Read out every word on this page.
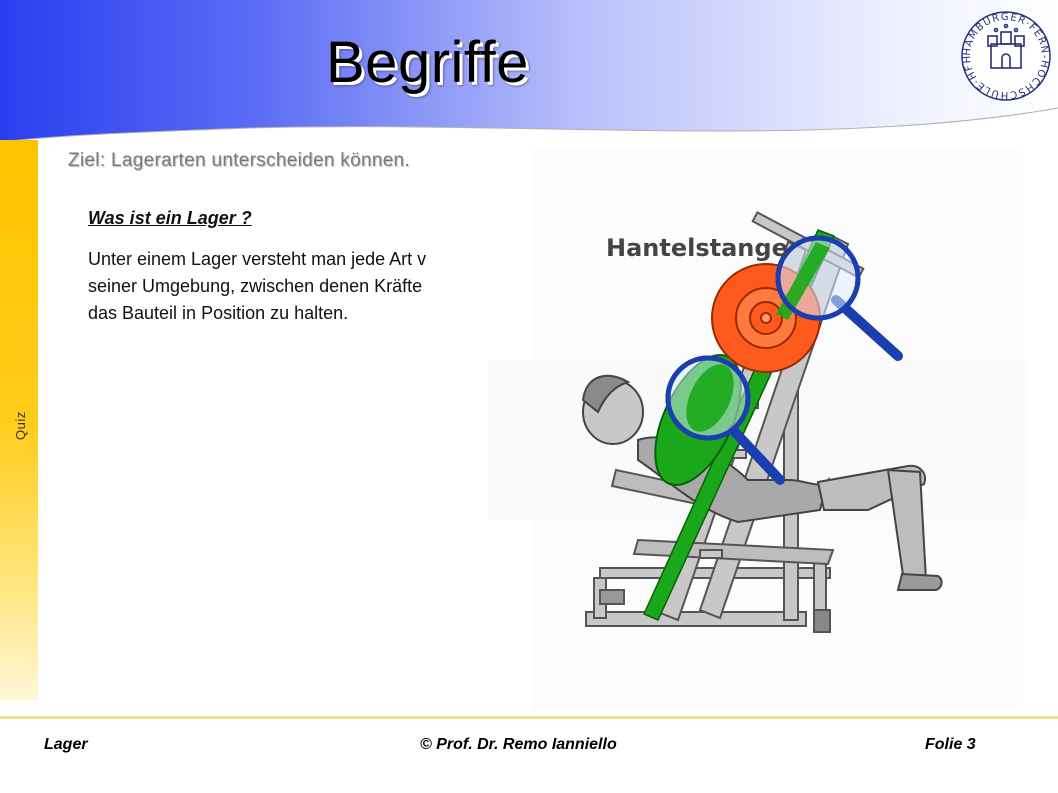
Begriffe	HAMBURGER·FERN-HOCHSCHULE·HFH
Quiz
Ziel: Lagerarten unterscheiden können.
Was ist ein Lager ?
Unter einem Lager versteht man jede Art v
seiner Umgebung, zwischen denen Kräfte
das Bauteil in Position zu halten.
Hantelstange
Lager	© Prof. Dr. Remo Ianniello	Folie 3
